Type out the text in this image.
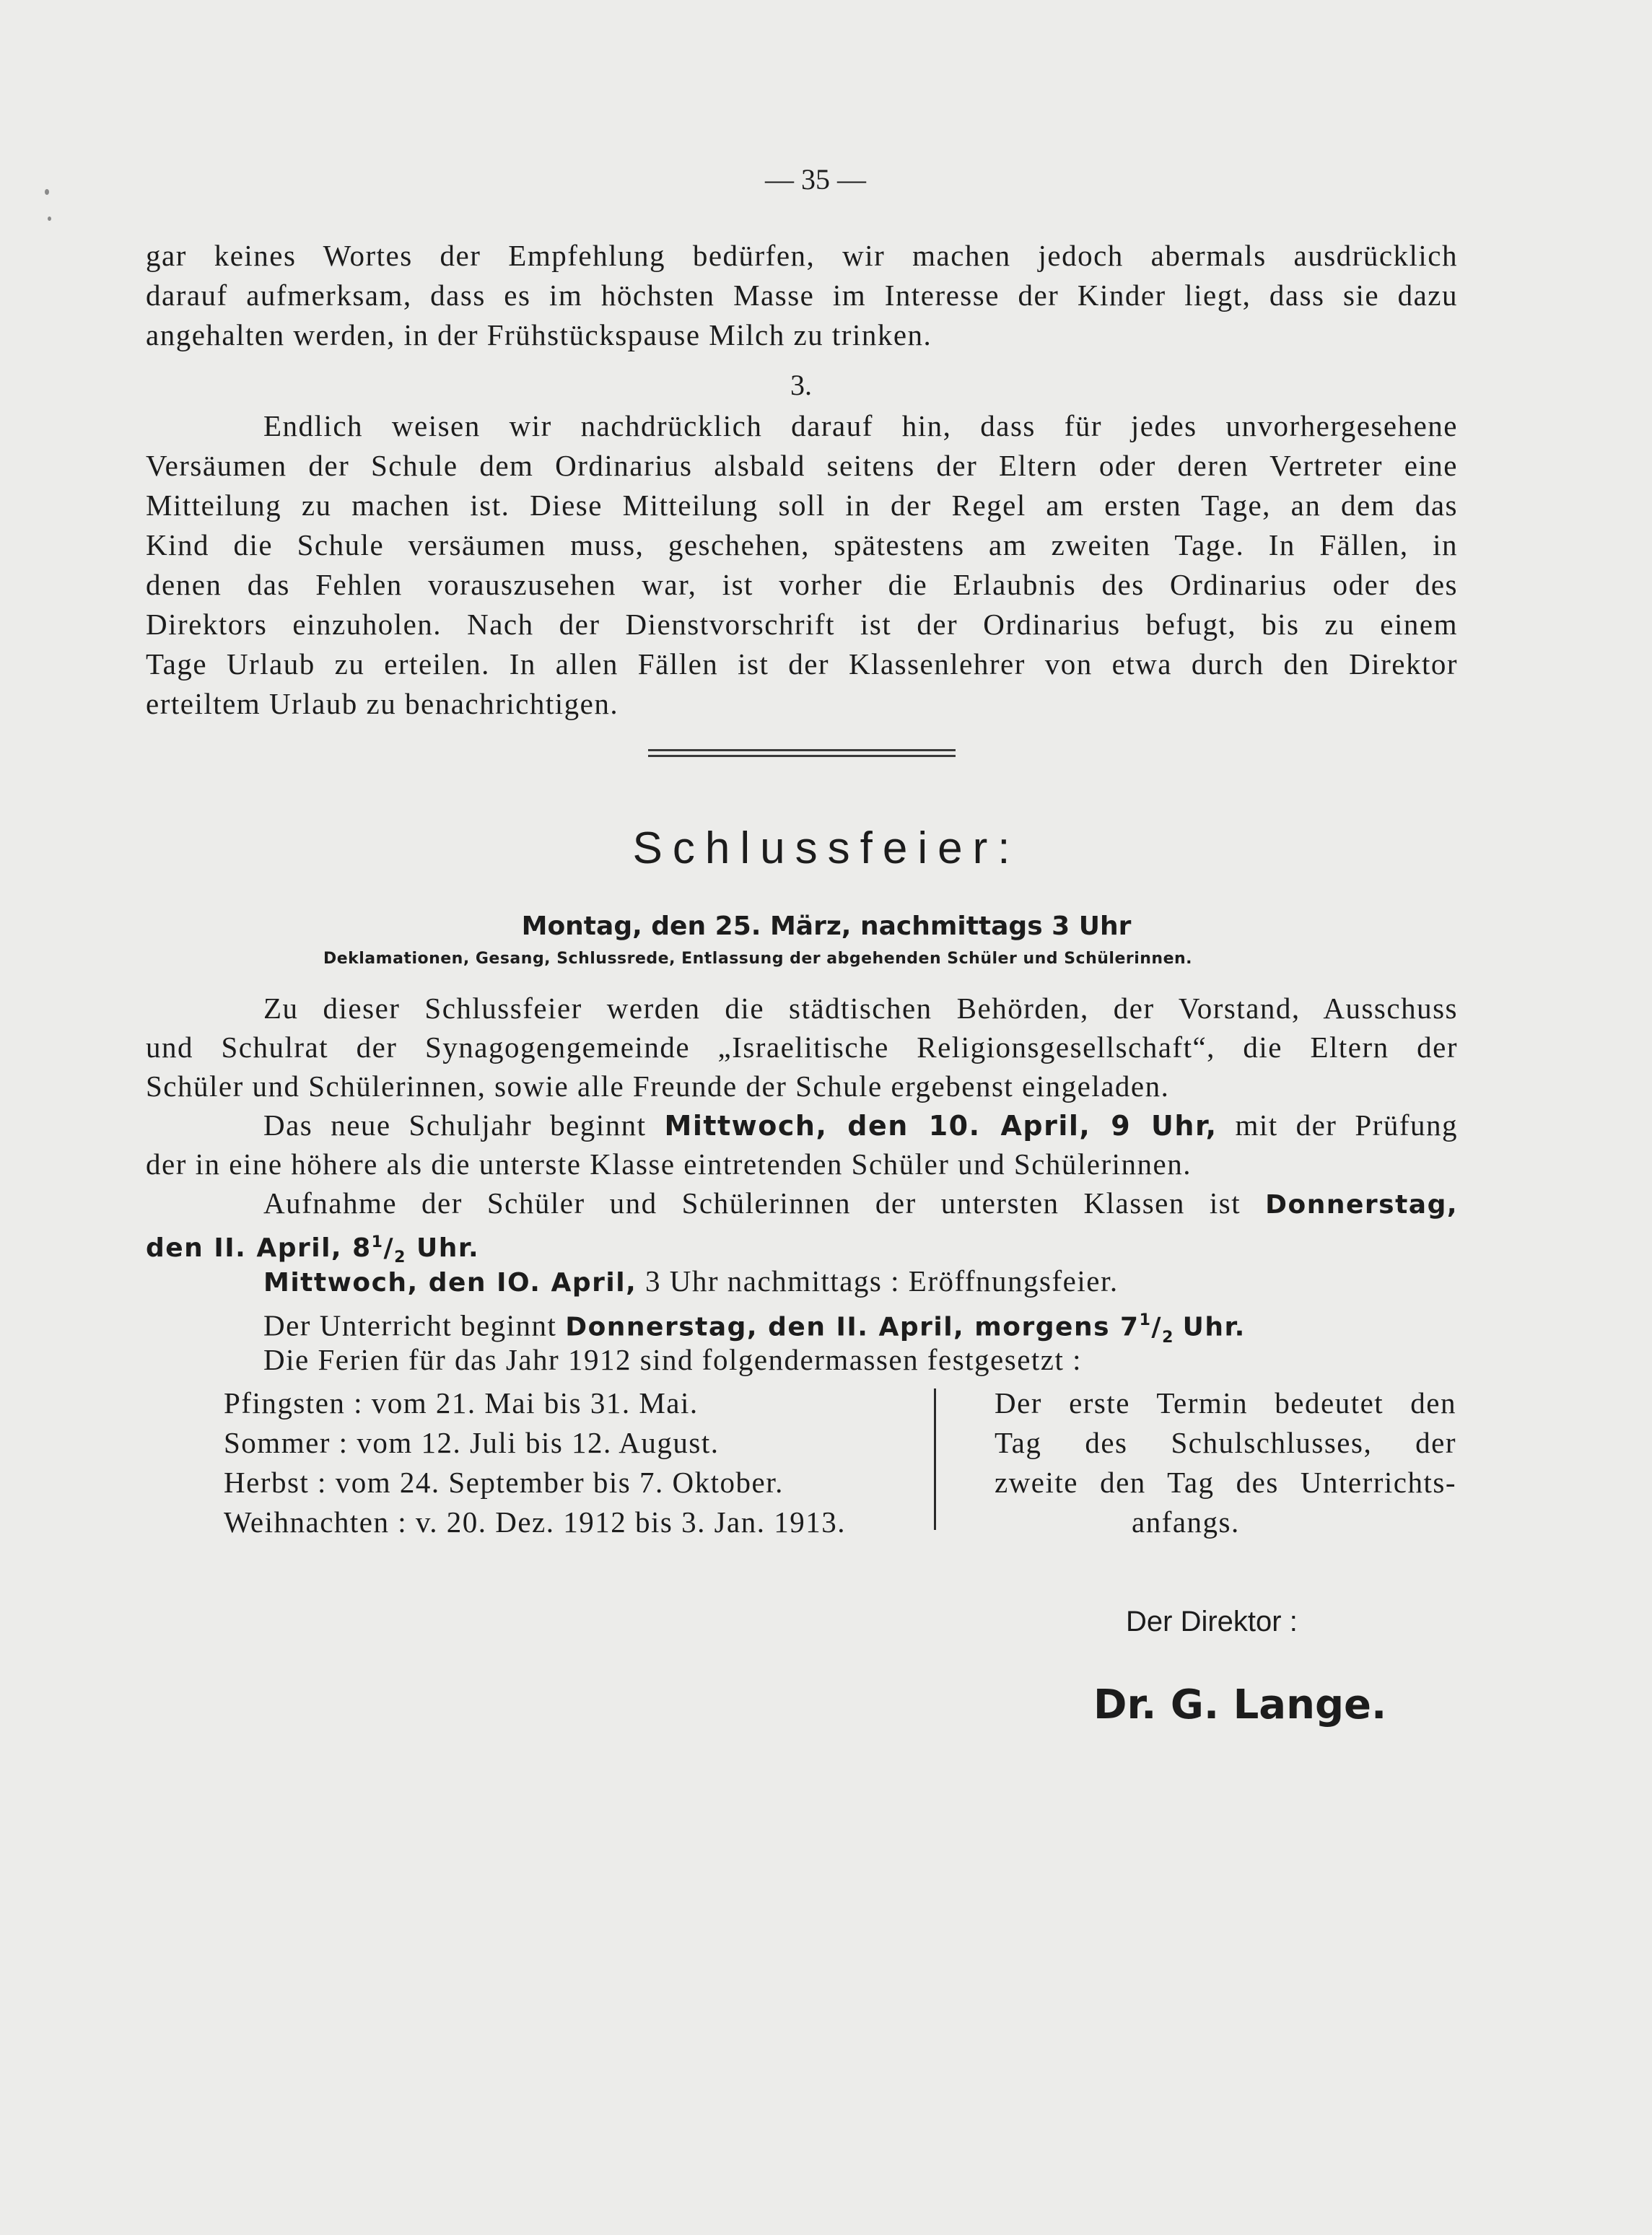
— 35 —
gar keines Wortes der Empfehlung bedürfen, wir machen jedoch abermals ausdrücklich
darauf aufmerksam, dass es im höchsten Masse im Interesse der Kinder liegt, dass sie dazu
angehalten werden, in der Frühstückspause Milch zu trinken.
3.
Endlich weisen wir nachdrücklich darauf hin, dass für jedes unvorhergesehene
Versäumen der Schule dem Ordinarius alsbald seitens der Eltern oder deren Vertreter eine
Mitteilung zu machen ist. Diese Mitteilung soll in der Regel am ersten Tage, an dem das
Kind die Schule versäumen muss, geschehen, spätestens am zweiten Tage. In Fällen, in
denen das Fehlen vorauszusehen war, ist vorher die Erlaubnis des Ordinarius oder des
Direktors einzuholen. Nach der Dienstvorschrift ist der Ordinarius befugt, bis zu einem
Tage Urlaub zu erteilen. In allen Fällen ist der Klassenlehrer von etwa durch den Direktor
erteiltem Urlaub zu benachrichtigen.
Schlussfeier:
Montag, den 25. März, nachmittags 3 Uhr
Deklamationen, Gesang, Schlussrede, Entlassung der abgehenden Schüler und Schülerinnen.
Zu dieser Schlussfeier werden die städtischen Behörden, der Vorstand, Ausschuss
und Schulrat der Synagogengemeinde „Israelitische Religionsgesellschaft“, die Eltern der
Schüler und Schülerinnen, sowie alle Freunde der Schule ergebenst eingeladen.
Das neue Schuljahr beginnt Mittwoch, den 10. April, 9 Uhr, mit der Prüfung
der in eine höhere als die unterste Klasse eintretenden Schüler und Schülerinnen.
Aufnahme der Schüler und Schülerinnen der untersten Klassen ist Donnerstag,
den II. April, $8^1/_2$ Uhr.
Mittwoch, den IO. April, 3 Uhr nachmittags : Eröffnungsfeier.
Der Unterricht beginnt Donnerstag, den II. April, morgens $7^1/_2$ Uhr.
Die Ferien für das Jahr 1912 sind folgendermassen festgesetzt :
Pfingsten : vom 21. Mai bis 31. Mai.
Sommer : vom 12. Juli bis 12. August.
Herbst : vom 24. September bis 7. Oktober.
Weihnachten : v. 20. Dez. 1912 bis 3. Jan. 1913.
Der erste Termin bedeutet den
Tag des Schulschlusses, der
zweite den Tag des Unterrichts-
anfangs.
Der Direktor :
Dr. G. Lange.
